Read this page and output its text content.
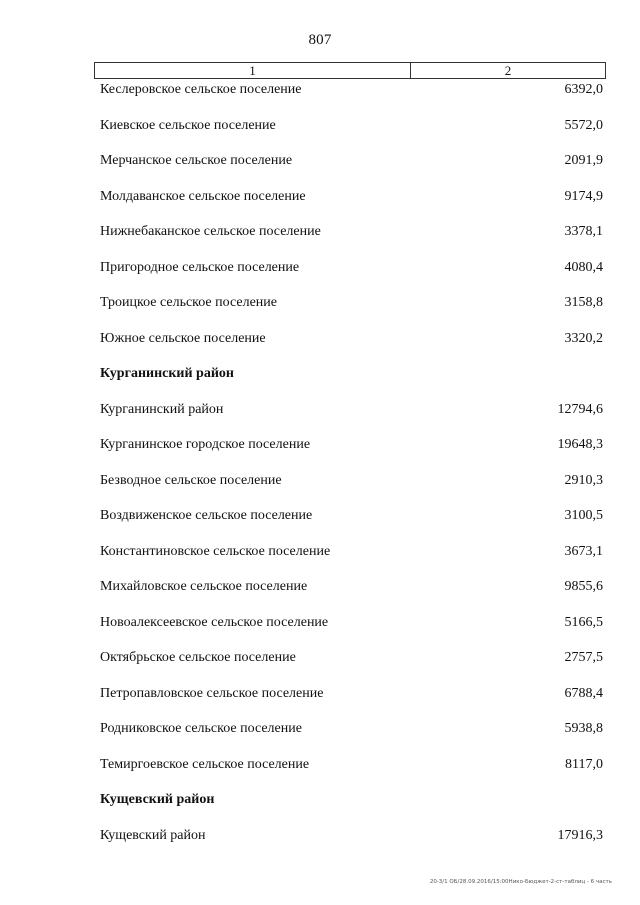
807
1	2
Кеслеровское сельское поселение	6392,0
Киевское сельское поселение	5572,0
Мерчанское сельское поселение	2091,9
Молдаванское сельское поселение	9174,9
Нижнебаканское сельское поселение	3378,1
Пригородное сельское поселение	4080,4
Троицкое сельское поселение	3158,8
Южное сельское поселение	3320,2
Курганинский район
Курганинский район	12794,6
Курганинское городское поселение	19648,3
Безводное сельское поселение	2910,3
Воздвиженское сельское поселение	3100,5
Константиновское сельское поселение	3673,1
Михайловское сельское поселение	9855,6
Новоалексеевское сельское поселение	5166,5
Октябрьское сельское поселение	2757,5
Петропавловское сельское поселение	6788,4
Родниковское сельское поселение	5938,8
Темиргоевское сельское поселение	8117,0
Кущевский район
Кущевский район	17916,3
20-3/1 ОБ/28.09.2016/15:00Нико-Бюджет-2-ст-таблиц - 6 часть
